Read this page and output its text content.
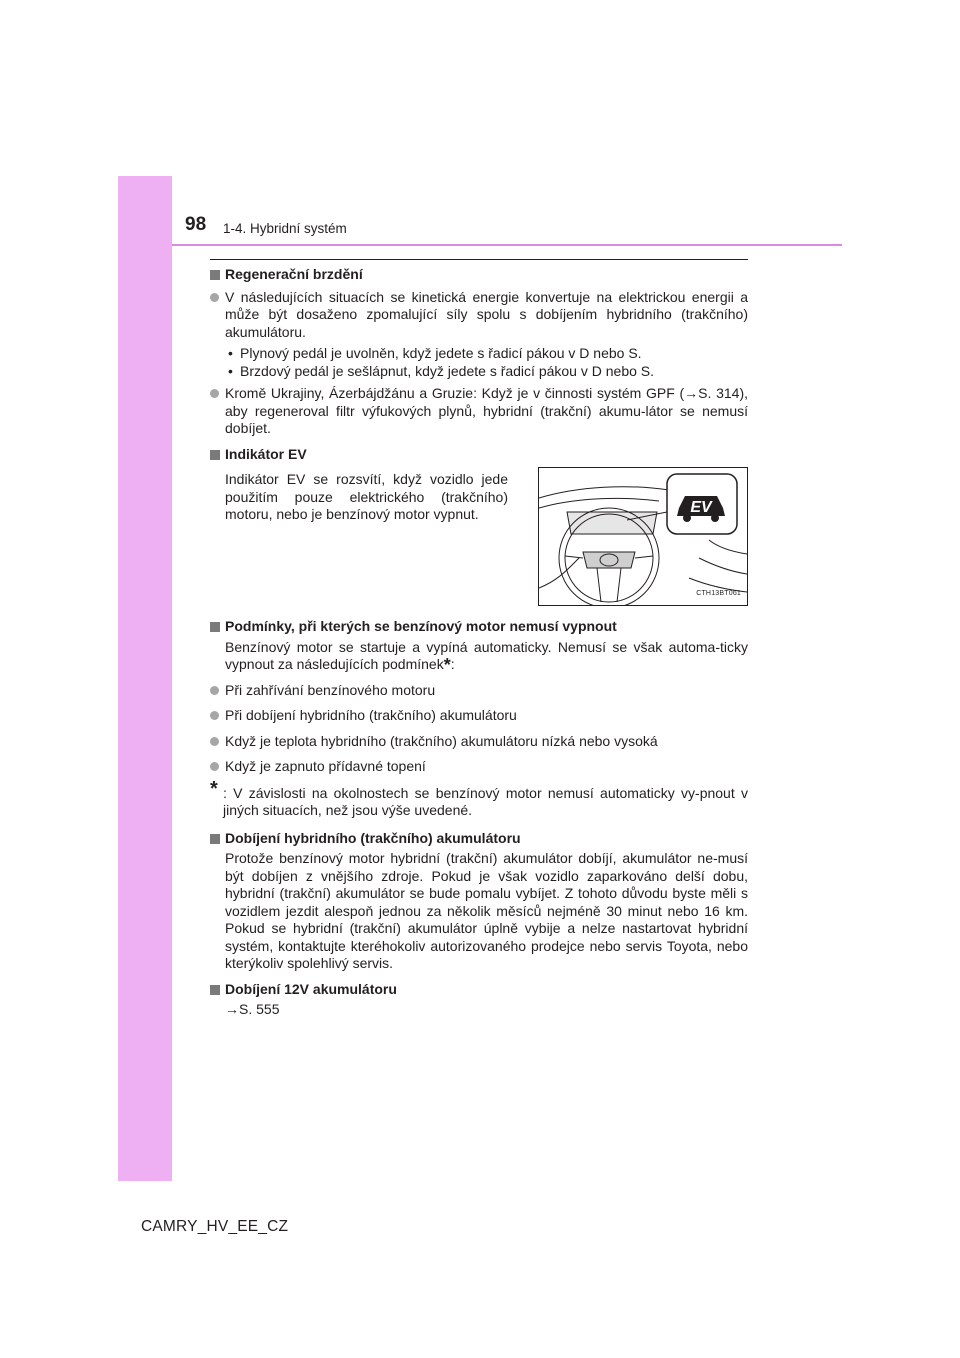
98 1-4. Hybridní systém
Regenerační brzdění
V následujících situacích se kinetická energie konvertuje na elektrickou energii a může být dosaženo zpomalující síly spolu s dobíjením hybridního (trakčního) akumulátoru.
• Plynový pedál je uvolněn, když jedete s řadicí pákou v D nebo S.
• Brzdový pedál je sešlápnut, když jedete s řadicí pákou v D nebo S.
Kromě Ukrajiny, Ázerbájdžánu a Gruzie: Když je v činnosti systém GPF (→S. 314), aby regeneroval filtr výfukových plynů, hybridní (trakční) akumu-látor se nemusí dobíjet.
Indikátor EV
Indikátor EV se rozsvítí, když vozidlo jede použitím pouze elektrického (trakčního) motoru, nebo je benzínový motor vypnut.	EV
CTH13BT061
Podmínky, při kterých se benzínový motor nemusí vypnout
Benzínový motor se startuje a vypíná automaticky. Nemusí se však automa-ticky vypnout za následujících podmínek*:
Při zahřívání benzínového motoru
Při dobíjení hybridního (trakčního) akumulátoru
Když je teplota hybridního (trakčního) akumulátoru nízká nebo vysoká
Když je zapnuto přídavné topení
* : V závislosti na okolnostech se benzínový motor nemusí automaticky vy-pnout v jiných situacích, než jsou výše uvedené.
Dobíjení hybridního (trakčního) akumulátoru
Protože benzínový motor hybridní (trakční) akumulátor dobíjí, akumulátor ne-musí být dobíjen z vnějšího zdroje. Pokud je však vozidlo zaparkováno delší dobu, hybridní (trakční) akumulátor se bude pomalu vybíjet. Z tohoto důvodu byste měli s vozidlem jezdit alespoň jednou za několik měsíců nejméně 30 minut nebo 16 km. Pokud se hybridní (trakční) akumulátor úplně vybije a nelze nastartovat hybridní systém, kontaktujte kteréhokoliv autorizovaného prodejce nebo servis Toyota, nebo kterýkoliv spolehlivý servis.
Dobíjení 12V akumulátoru
→S. 555
CAMRY_HV_EE_CZ
